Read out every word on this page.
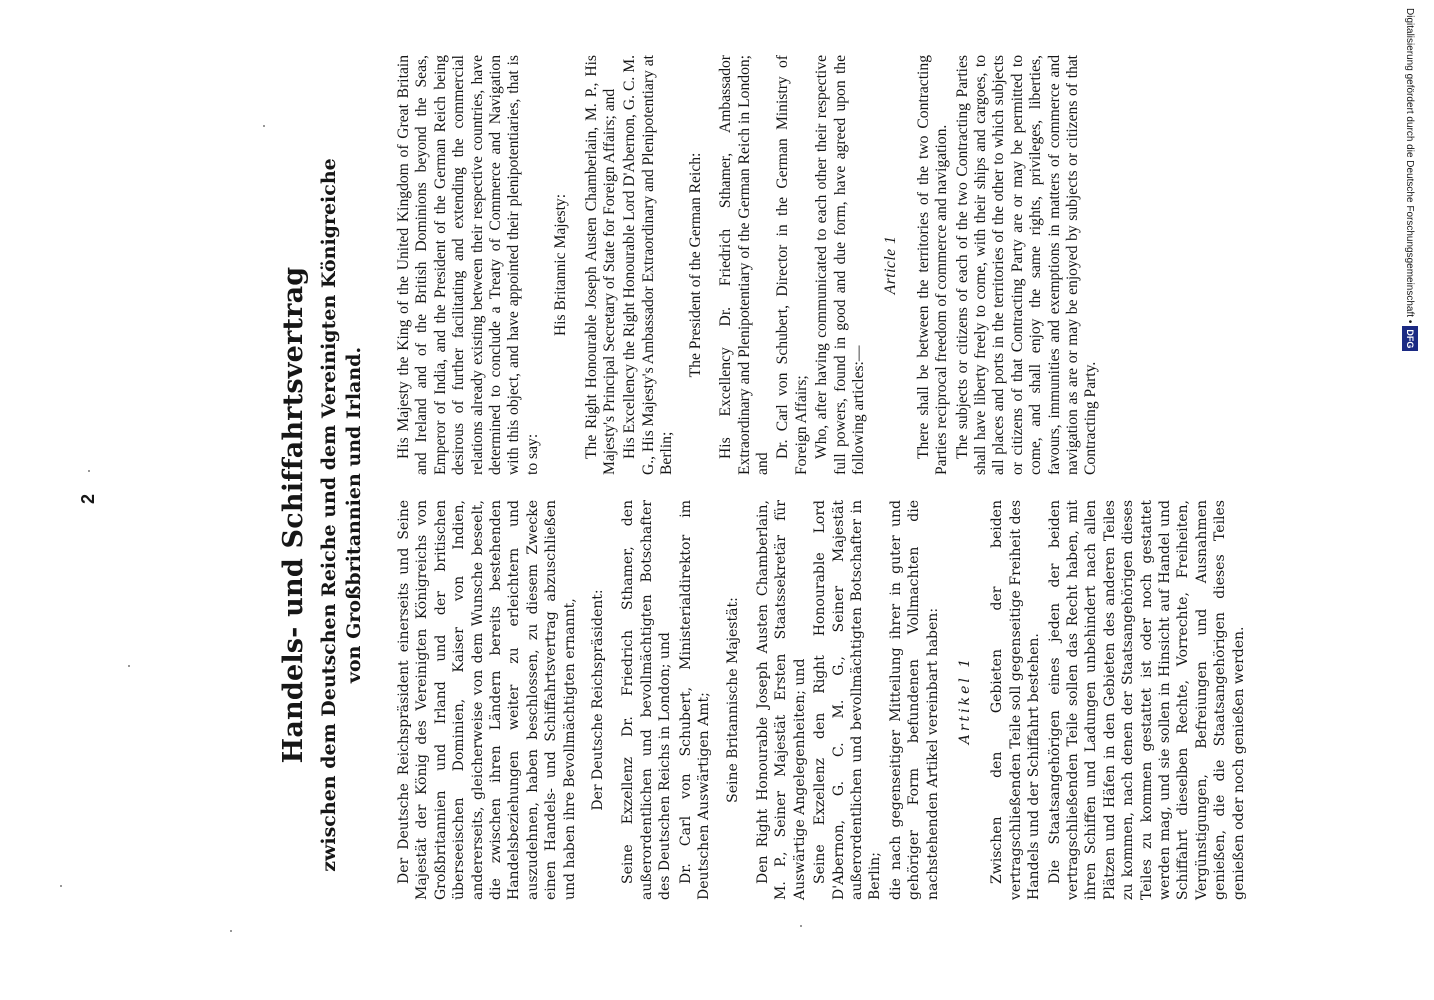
2	Handels- und Schiffahrtsvertrag zwischen dem Deutschen Reiche und dem Vereinigten Königreiche von Großbritannien und Irland. Der Deutsche Reichspräsident einerseits und Seine Majestät der König des Vereinigten Königreichs von Großbritannien und Irland und der britischen überseeischen Dominien, Kaiser von Indien, andererseits, gleicherweise von dem Wunsche beseelt, die zwischen ihren Ländern bereits bestehenden Handelsbeziehungen weiter zu erleichtern und auszudehnen, haben beschlossen, zu diesem Zwecke einen Handels- und Schiffahrtsvertrag abzuschließen und haben ihre Bevollmächtigten ernannt, Der Deutsche Reichspräsident: Seine Exzellenz Dr. Friedrich Sthamer, den außerordentlichen und bevollmächtigten Botschafter des Deutschen Reichs in London; und Dr. Carl von Schubert, Ministerialdirektor im Deutschen Auswärtigen Amt; Seine Britannische Majestät: Den Right Honourable Joseph Austen Chamberlain, M. P., Seiner Majestät Ersten Staatssekretär für Auswärtige Angelegenheiten; und Seine Exzellenz den Right Honourable Lord D'Abernon, G. C. M. G., Seiner Majestät außerordentlichen und bevollmächtigten Botschafter in Berlin; die nach gegenseitiger Mitteilung ihrer in guter und gehöriger Form befundenen Vollmachten die nachstehenden Artikel vereinbart haben: Artikel 1 Zwischen den Gebieten der beiden vertragschließenden Teile soll gegenseitige Freiheit des Handels und der Schiffahrt bestehen. Die Staatsangehörigen eines jeden der beiden vertragschließenden Teile sollen das Recht haben, mit ihren Schiffen und Ladungen unbehindert nach allen Plätzen und Häfen in den Gebieten des anderen Teiles zu kommen, nach denen der Staatsangehörigen dieses Teiles zu kommen gestattet ist oder noch gestattet werden mag, und sie sollen in Hinsicht auf Handel und Schiffahrt dieselben Rechte, Vorrechte, Freiheiten, Vergünstigungen, Befreiungen und Ausnahmen genießen, die die Staatsangehörigen dieses Teiles genießen oder noch genießen werden.

His Majesty the King of the United Kingdom of Great Britain and Ireland and of the British Dominions beyond the Seas, Emperor of India, and the President of the German Reich being desirous of further facilitating and extending the commercial relations already existing between their respective countries, have determined to conclude a Treaty of Commerce and Navigation with this object, and have appointed their plenipotentiaries, that is to say:

His Britannic Majesty: The Right Honourable Joseph Austen Chamberlain, M. P., His Majesty's Principal Secretary of State for Foreign Affairs; and His Excellency the Right Honourable Lord D'Abernon, G. C. M. G., His Majesty's Ambassador Extraordinary and Plenipotentiary at Berlin;

The President of the German Reich: His Excellency Dr. Friedrich Sthamer, Ambassador Extraordinary and Plenipotentiary of the German Reich in London; and

Dr. Carl von Schubert, Director in the German Ministry of Foreign Affairs; Who, after having communicated to each other their respective full powers, found in good and due form, have agreed upon the following articles:—

Article 1 There shall be between the territories of the two Contracting Parties reciprocal freedom of commerce and navigation. The subjects or citizens of each of the two Contracting Parties shall have liberty freely to come, with their ships and cargoes, to all places and ports in the territories of the other to which subjects or citizens of that Contracting Party are or may be permitted to come, and shall enjoy the same rights, privileges, liberties, favours, immunities and exemptions in matters of commerce and navigation as are or may be enjoyed by subjects or citizens of that Contracting Party.

Digitalisierung gefördert durch die Deutsche Forschungsgemeinschaft •DFG
